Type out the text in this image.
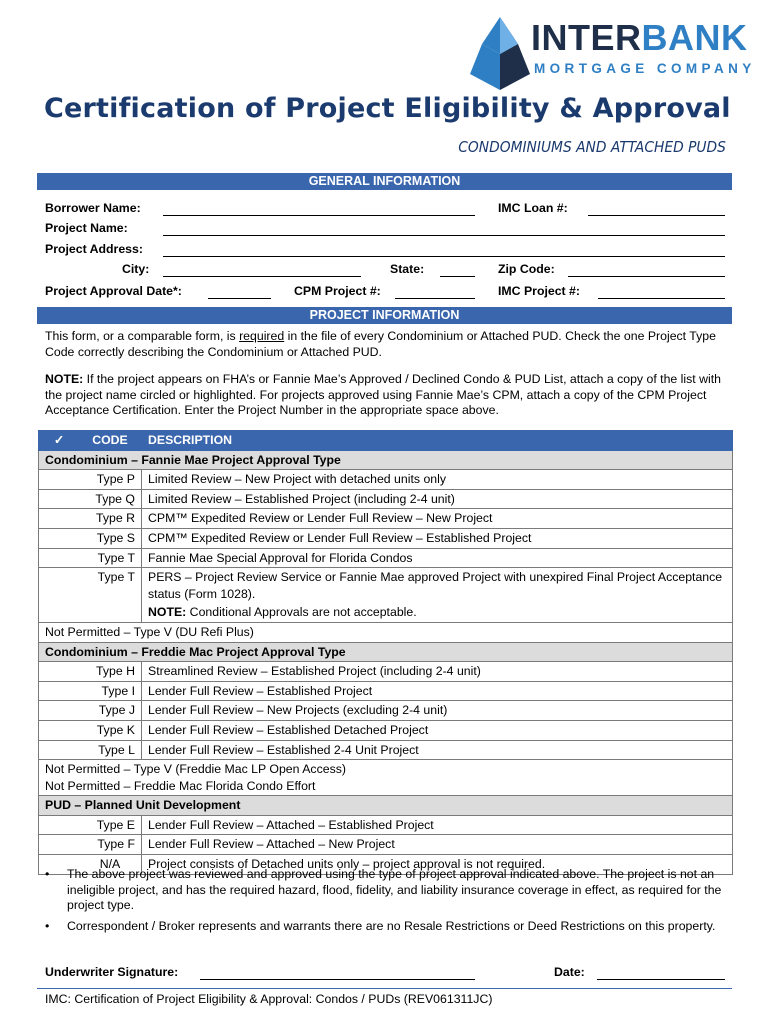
INTERBANK
MORTGAGE COMPANY
Certification of Project Eligibility & Approval
CONDOMINIUMS AND ATTACHED PUDS
GENERAL INFORMATION
Borrower Name:	IMC Loan #:
Project Name:
Project Address:
City:	State:	Zip Code:
Project Approval Date*:	CPM Project #:	IMC Project #:
PROJECT INFORMATION
This form, or a comparable form, is required in the file of every Condominium or Attached PUD. Check the one Project Type Code correctly describing the Condominium or Attached PUD.
NOTE: If the project appears on FHA’s or Fannie Mae’s Approved / Declined Condo & PUD List, attach a copy of the list with the project name circled or highlighted. For projects approved using Fannie Mae’s CPM, attach a copy of the CPM Project Acceptance Certification. Enter the Project Number in the appropriate space above.
✓	CODE	DESCRIPTION
Condominium – Fannie Mae Project Approval Type		
	Type P	Limited Review – New Project with detached units only
	Type Q	Limited Review – Established Project (including 2-4 unit)
	Type R	CPM™ Expedited Review or Lender Full Review – New Project
	Type S	CPM™ Expedited Review or Lender Full Review – Established Project
	Type T	Fannie Mae Special Approval for Florida Condos
	Type T	PERS – Project Review Service or Fannie Mae approved Project with unexpired Final Project Acceptance status (Form 1028).
NOTE: Conditional Approvals are not acceptable.

Not Permitted – Type V (DU Refi Plus)		
Condominium – Freddie Mac Project Approval Type		
	Type H	Streamlined Review – Established Project (including 2-4 unit)
	Type I	Lender Full Review – Established Project
	Type J	Lender Full Review – New Projects (excluding 2-4 unit)
	Type K	Lender Full Review – Established Detached Project
	Type L	Lender Full Review – Established 2-4 Unit Project

Not Permitted – Type V (Freddie Mac LP Open Access)
Not Permitted – Freddie Mac Florida Condo Effort		

PUD – Planned Unit Development		
	Type E	Lender Full Review – Attached – Established Project
	Type F	Lender Full Review – Attached – New Project
	N/A	Project consists of Detached units only – project approval is not required.
• The above project was reviewed and approved using the type of project approval indicated above. The project is not an ineligible project, and has the required hazard, flood, fidelity, and liability insurance coverage in effect, as required for the project type.
• Correspondent / Broker represents and warrants there are no Resale Restrictions or Deed Restrictions on this property.
Underwriter Signature:	Date:
IMC: Certification of Project Eligibility & Approval: Condos / PUDs (REV061311JC)
